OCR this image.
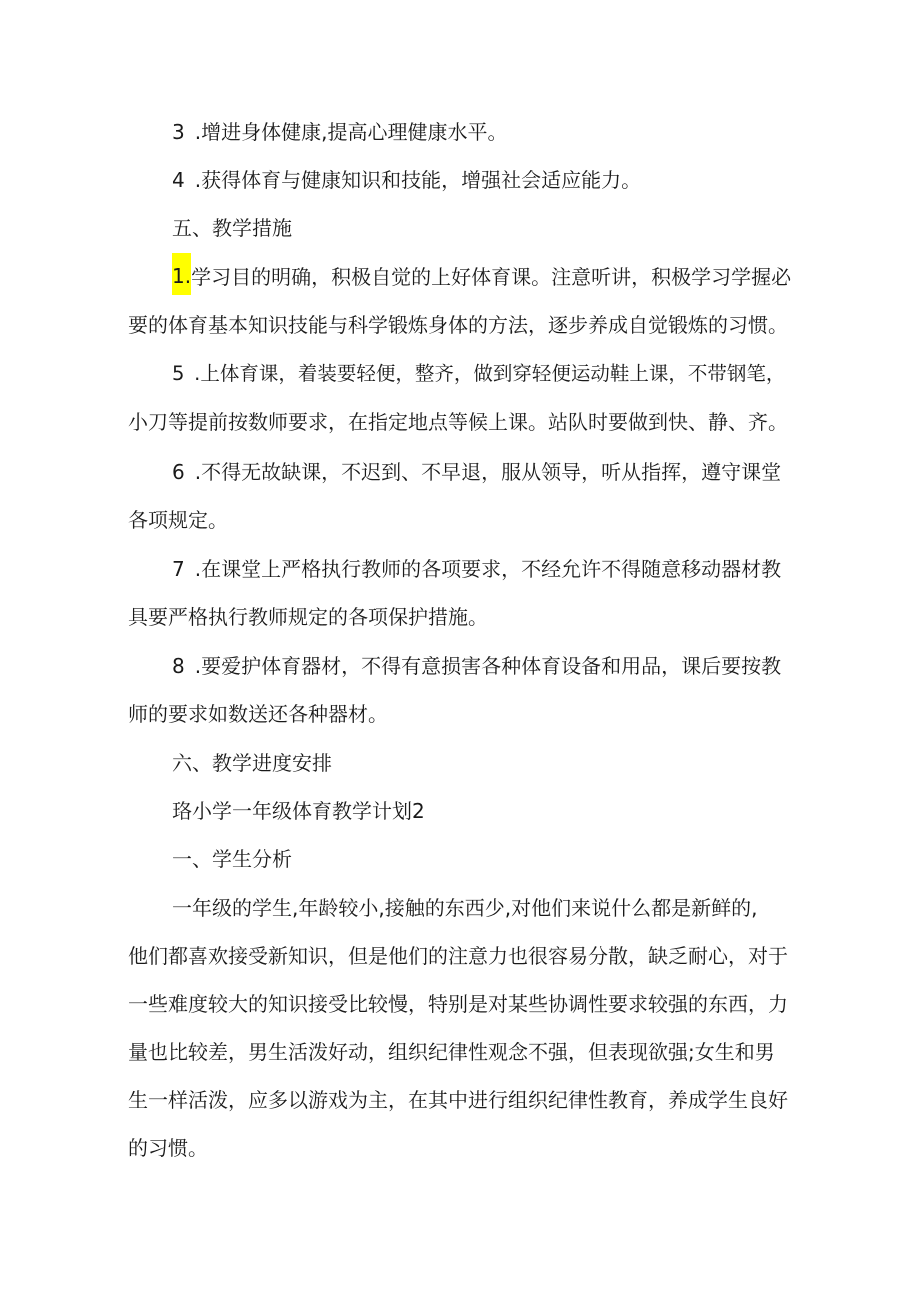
3 .增进身体健康,提高心理健康水平。

4 .获得体育与健康知识和技能，增强社会适应能力。

五、教学措施

1.学习目的明确，积极自觉的上好体育课。注意听讲，积极学习学握必
要的体育基本知识技能与科学锻炼身体的方法，逐步养成自觉锻炼的习惯。

5 .上体育课，着装要轻便，整齐，做到穿轻便运动鞋上课，不带钢笔，
小刀等提前按数师要求，在指定地点等候上课。站队时要做到快、静、齐。

6 .不得无故缺课，不迟到、不早退，服从领导，听从指挥，遵守课堂
各项规定。

7 .在课堂上严格执行教师的各项要求，不经允许不得随意移动器材教
具要严格执行教师规定的各项保护措施。

8 .要爱护体育器材，不得有意损害各种体育设备和用品，课后要按教
师的要求如数送还各种器材。

六、教学进度安排

珞小学一年级体育教学计划2

一、学生分析

一年级的学生,年龄较小,接触的东西少,对他们来说什么都是新鲜的,
他们都喜欢接受新知识，但是他们的注意力也很容易分散，缺乏耐心，对于
一些难度较大的知识接受比较慢，特别是对某些协调性要求较强的东西，力
量也比较差，男生活泼好动，组织纪律性观念不强，但表现欲强;女生和男
生一样活泼，应多以游戏为主，在其中进行组织纪律性教育，养成学生良好
的习惯。
